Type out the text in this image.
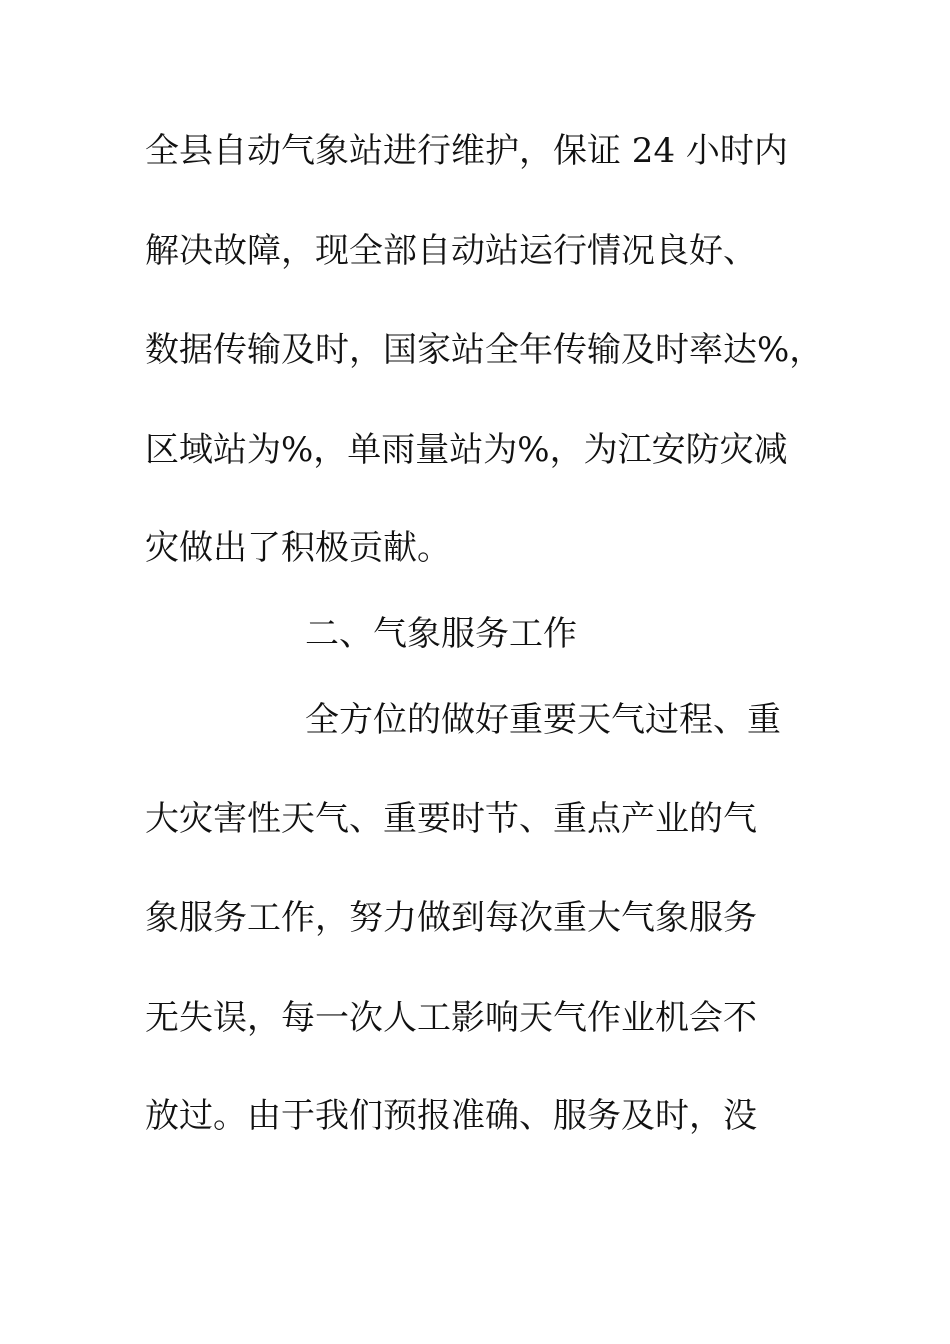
全县自动气象站进行维护，保证 24 小时内
解决故障，现全部自动站运行情况良好、
数据传输及时，国家站全年传输及时率达%，
区域站为%，单雨量站为%，为江安防灾减
灾做出了积极贡献。
二、气象服务工作
全方位的做好重要天气过程、重
大灾害性天气、重要时节、重点产业的气
象服务工作，努力做到每次重大气象服务
无失误，每一次人工影响天气作业机会不
放过。由于我们预报准确、服务及时，没
